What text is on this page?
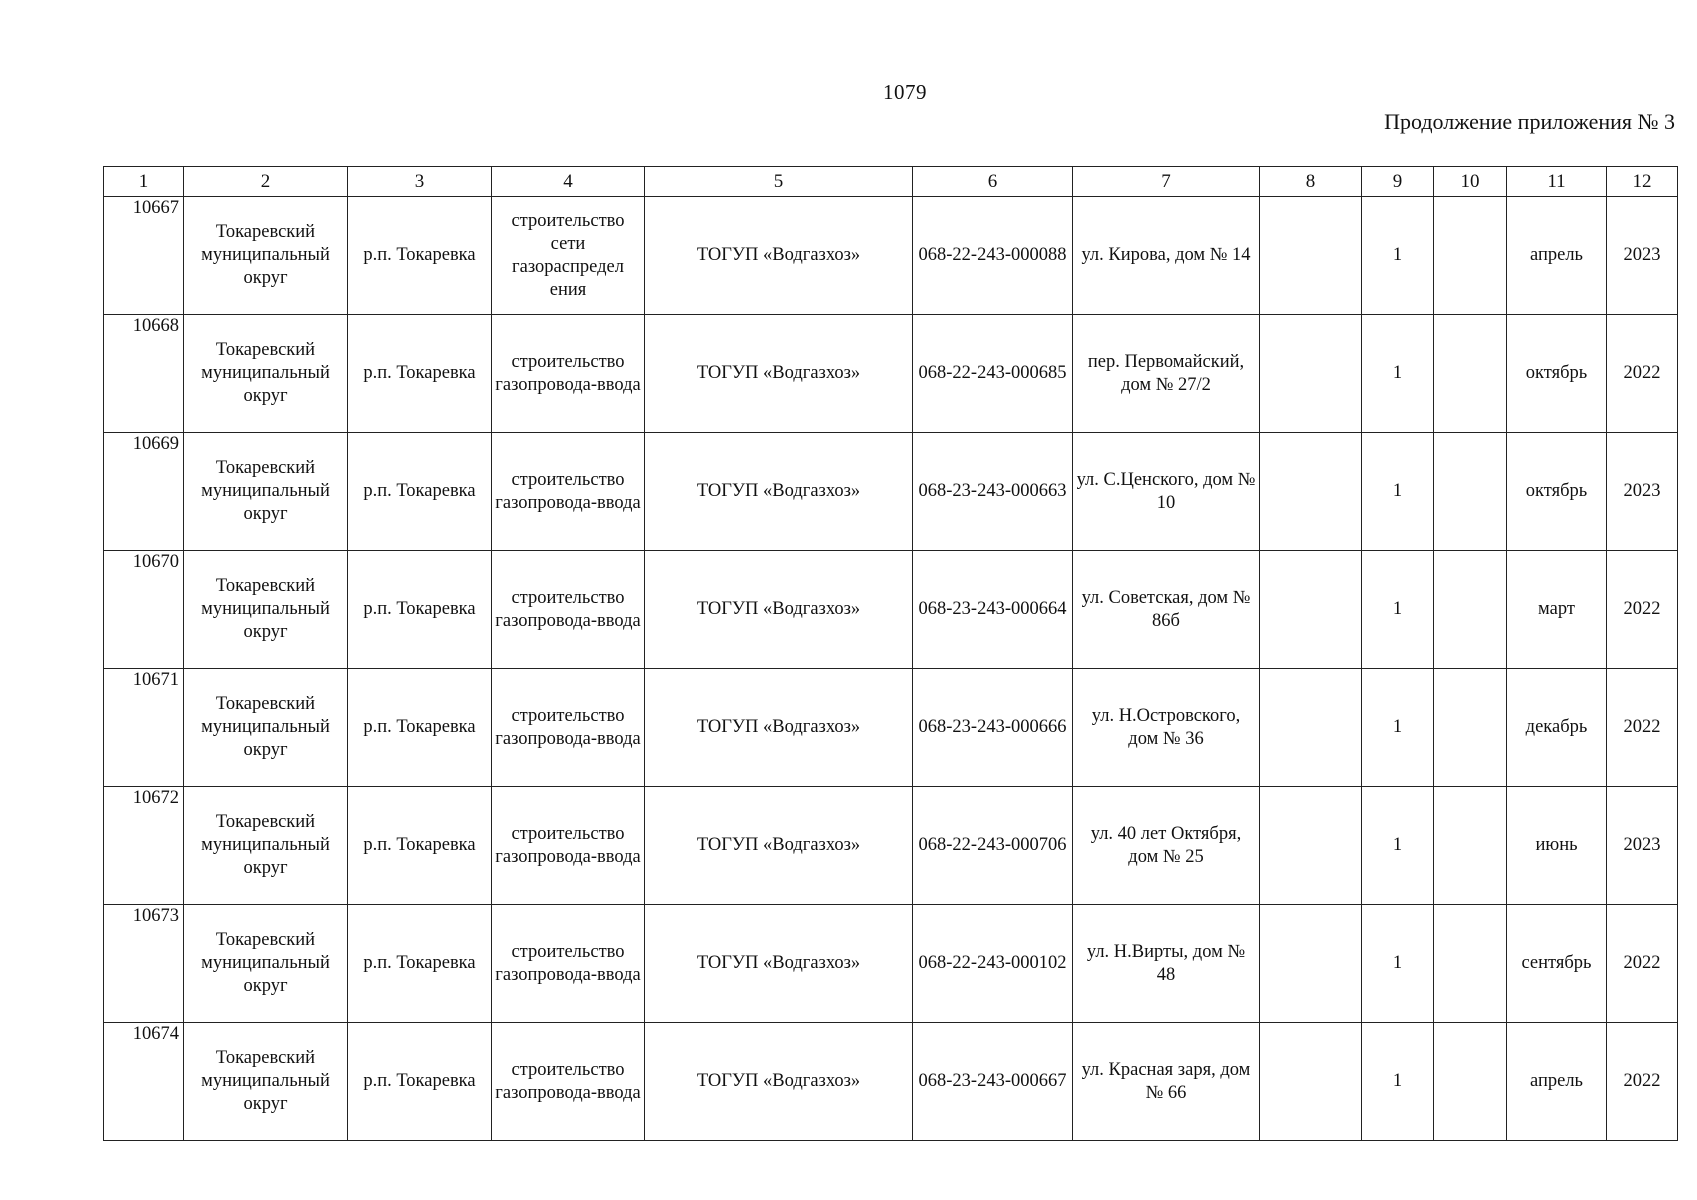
1079
Продолжение приложения № 3
1	2	3	4	5	6	7	8	9	10	11	12
10667	Токаревский муниципальный округ	р.п. Токаревка	строительство сети газораспредел ения	ТОГУП «Водгазхоз»	068-22-243-000088	ул. Кирова, дом № 14		1		апрель	2023
10668	Токаревский муниципальный округ	р.п. Токаревка	строительство газопровода-ввода	ТОГУП «Водгазхоз»	068-22-243-000685	пер. Первомайский, дом № 27/2		1		октябрь	2022
10669	Токаревский муниципальный округ	р.п. Токаревка	строительство газопровода-ввода	ТОГУП «Водгазхоз»	068-23-243-000663	ул. С.Ценского, дом № 10		1		октябрь	2023
10670	Токаревский муниципальный округ	р.п. Токаревка	строительство газопровода-ввода	ТОГУП «Водгазхоз»	068-23-243-000664	ул. Советская, дом № 86б		1		март	2022
10671	Токаревский муниципальный округ	р.п. Токаревка	строительство газопровода-ввода	ТОГУП «Водгазхоз»	068-23-243-000666	ул. Н.Островского, дом № 36		1		декабрь	2022
10672	Токаревский муниципальный округ	р.п. Токаревка	строительство газопровода-ввода	ТОГУП «Водгазхоз»	068-22-243-000706	ул. 40 лет Октября, дом № 25		1		июнь	2023
10673	Токаревский муниципальный округ	р.п. Токаревка	строительство газопровода-ввода	ТОГУП «Водгазхоз»	068-22-243-000102	ул. Н.Вирты, дом № 48		1		сентябрь	2022
10674	Токаревский муниципальный округ	р.п. Токаревка	строительство газопровода-ввода	ТОГУП «Водгазхоз»	068-23-243-000667	ул. Красная заря, дом № 66		1		апрель	2022
